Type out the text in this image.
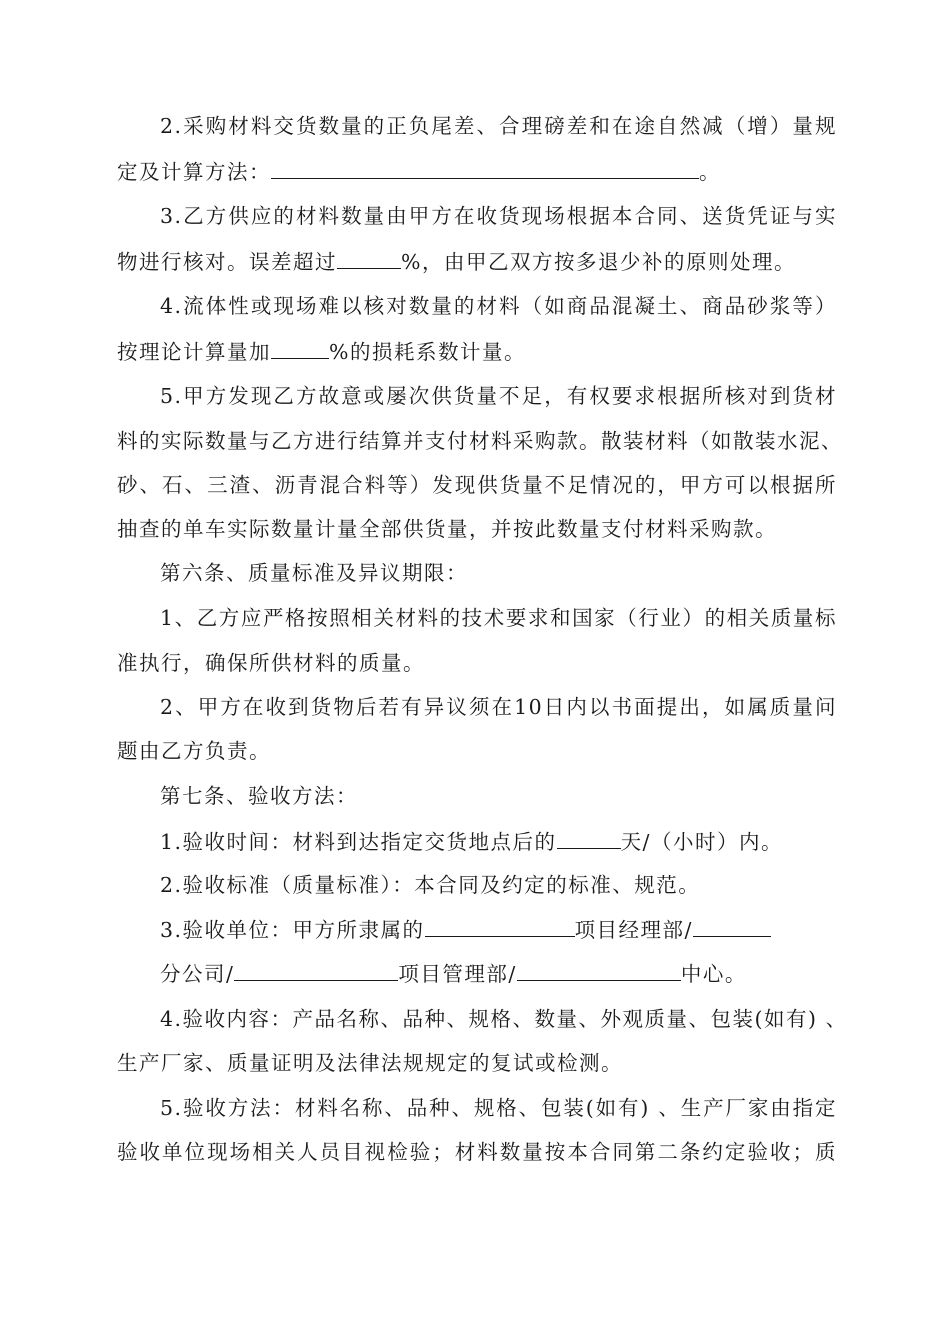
2.采购材料交货数量的正负尾差、合理磅差和在途自然减（增）量规
定及计算方法：	。
3.乙方供应的材料数量由甲方在收货现场根据本合同、送货凭证与实
物进行核对。误差超过	%，由甲乙双方按多退少补的原则处理。
4.流体性或现场难以核对数量的材料（如商品混凝土、商品砂浆等）
按理论计算量加	%的损耗系数计量。
5.甲方发现乙方故意或屡次供货量不足，有权要求根据所核对到货材
料的实际数量与乙方进行结算并支付材料采购款。散装材料（如散装水泥、
砂、石、三渣、沥青混合料等）发现供货量不足情况的，甲方可以根据所
抽查的单车实际数量计量全部供货量，并按此数量支付材料采购款。
第六条、质量标准及异议期限：
1、乙方应严格按照相关材料的技术要求和国家（行业）的相关质量标
准执行，确保所供材料的质量。
2、甲方在收到货物后若有异议须在10日内以书面提出，如属质量问
题由乙方负责。
第七条、验收方法：
1.验收时间：材料到达指定交货地点后的	天/（小时）内。
2.验收标准（质量标准）：本合同及约定的标准、规范。
3.验收单位：甲方所隶属的	项目经理部/
分公司/	项目管理部/	中心。
4.验收内容：产品名称、品种、规格、数量、外观质量、包装(如有) 、
生产厂家、质量证明及法律法规规定的复试或检测。
5.验收方法：材料名称、品种、规格、包装(如有) 、生产厂家由指定
验收单位现场相关人员目视检验；材料数量按本合同第二条约定验收；质
